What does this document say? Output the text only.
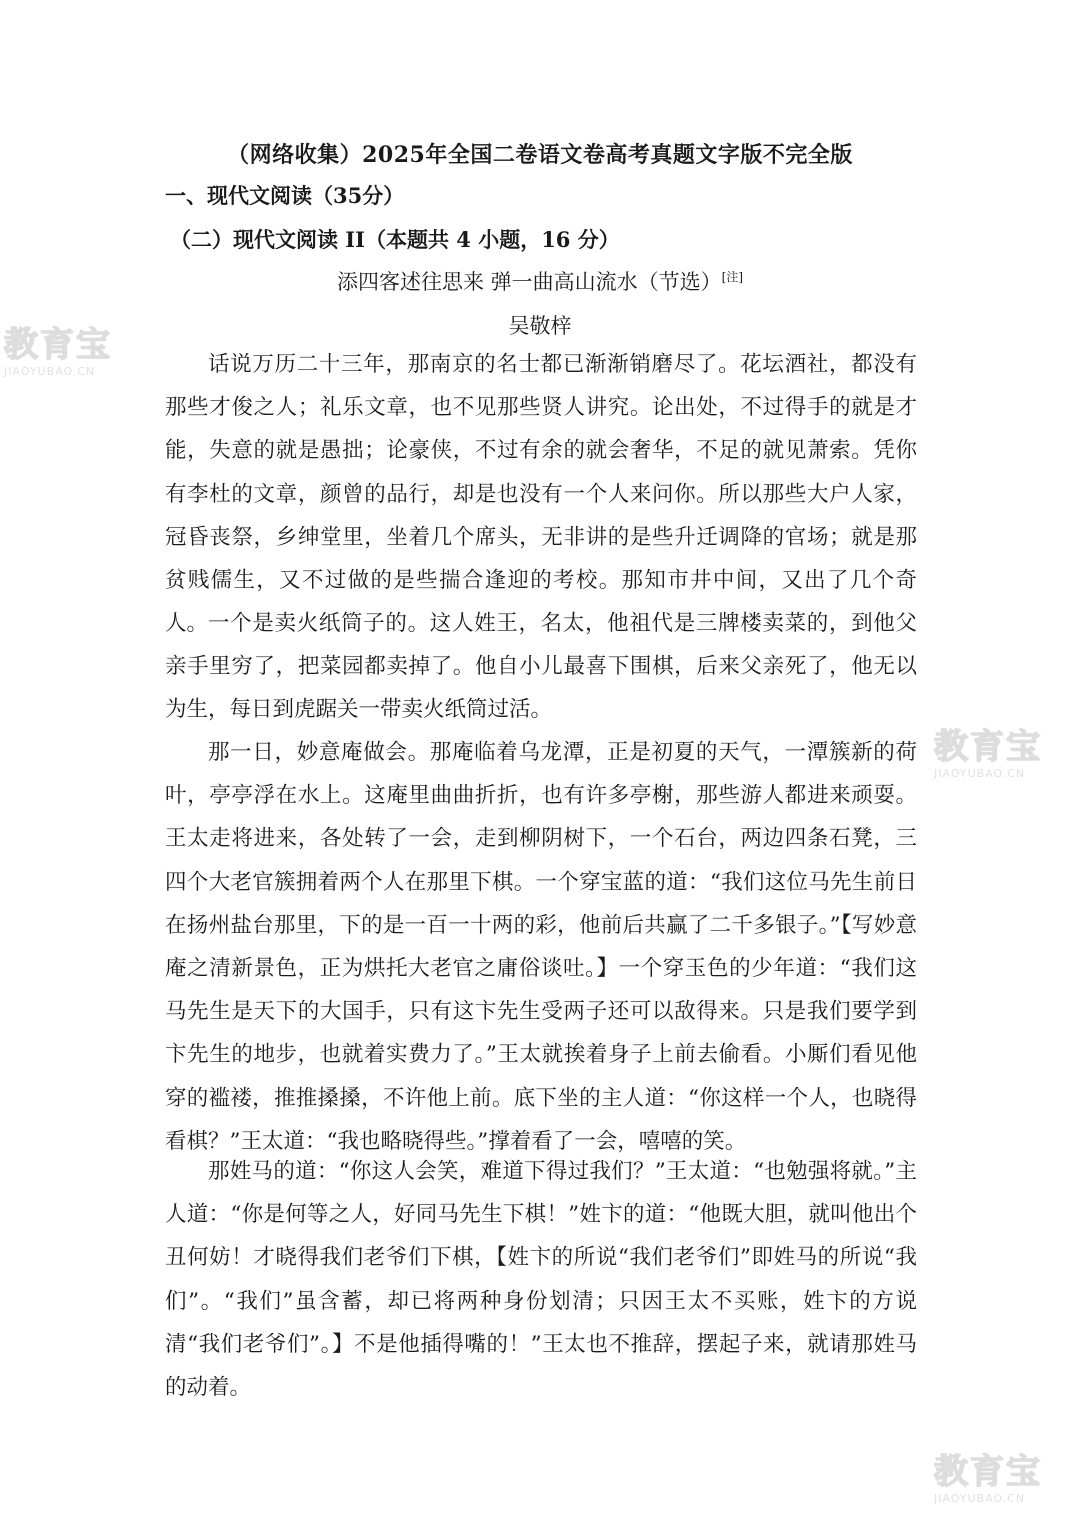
（网络收集）2025年全国二卷语文卷高考真题文字版不完全版
一、现代文阅读（35分）
（二）现代文阅读 II（本题共 4 小题，16 分）
添四客述往思来 弹一曲高山流水（节选）[注]
吴敬梓

话说万历二十三年，那南京的名士都已渐渐销磨尽了。花坛酒社，都没有那些才俊之人；礼乐文章，也不见那些贤人讲究。论出处，不过得手的就是才能，失意的就是愚拙；论豪侠，不过有余的就会奢华，不足的就见萧索。凭你有李杜的文章，颜曾的品行，却是也没有一个人来问你。所以那些大户人家，冠昏丧祭，乡绅堂里，坐着几个席头，无非讲的是些升迁调降的官场；就是那贫贱儒生，又不过做的是些揣合逢迎的考校。那知市井中间，又出了几个奇人。 一个是卖火纸筒子的。这人姓王，名太，他祖代是三牌楼卖菜的，到他父亲手里穷了，把菜园都卖掉了。他自小儿最喜下围棋，后来父亲死了，他无以为生，每日到虎踞关一带卖火纸筒过活。

那一日，妙意庵做会。那庵临着乌龙潭，正是初夏的天气，一潭簇新的荷叶，亭亭浮在水上。这庵里曲曲折折，也有许多亭榭，那些游人都进来顽耍。王太走将进来，各处转了一会，走到柳阴树下，一个石台，两边四条石凳，三四个大老官簇拥着两个人在那里下棋。一个穿宝蓝的道：“我们这位马先生前日在扬州盐台那里，下的是一百一十两的彩，他前后共赢了二千多银子。”【写妙意庵之清新景色，正为烘托大老官之庸俗谈吐。】一个穿玉色的少年道：“我们这马先生是天下的大国手，只有这卞先生受两子还可以敌得来。只是我们要学到卞先生的地步，也就着实费力了。”王太就挨着身子上前去偷看。小厮们看见他穿的褴褛，推推搡搡，不许他上前。底下坐的主人道：“你这样一个人，也晓得看棋？”王太道：“我也略晓得些。”撑着看了一会，嘻嘻的笑。

那姓马的道：“你这人会笑，难道下得过我们？”王太道：“也勉强将就。”主人道：“你是何等之人，好同马先生下棋！”姓卞的道：“他既大胆，就叫他出个丑何妨！才晓得我们老爷们下棋，【姓卞的所说“我们老爷们”即姓马的所说“我们”。“我们”虽含蓄，却已将两种身份划清；只因王太不买账，姓卞的方说清“我们老爷们”。】不是他插得嘴的！”王太也不推辞，摆起子来，就请那姓马的动着。

教育宝
JIAOYUBAO.CN
教育宝
JIAOYUBAO.CN
教育宝
JIAOYUBAO.CN
